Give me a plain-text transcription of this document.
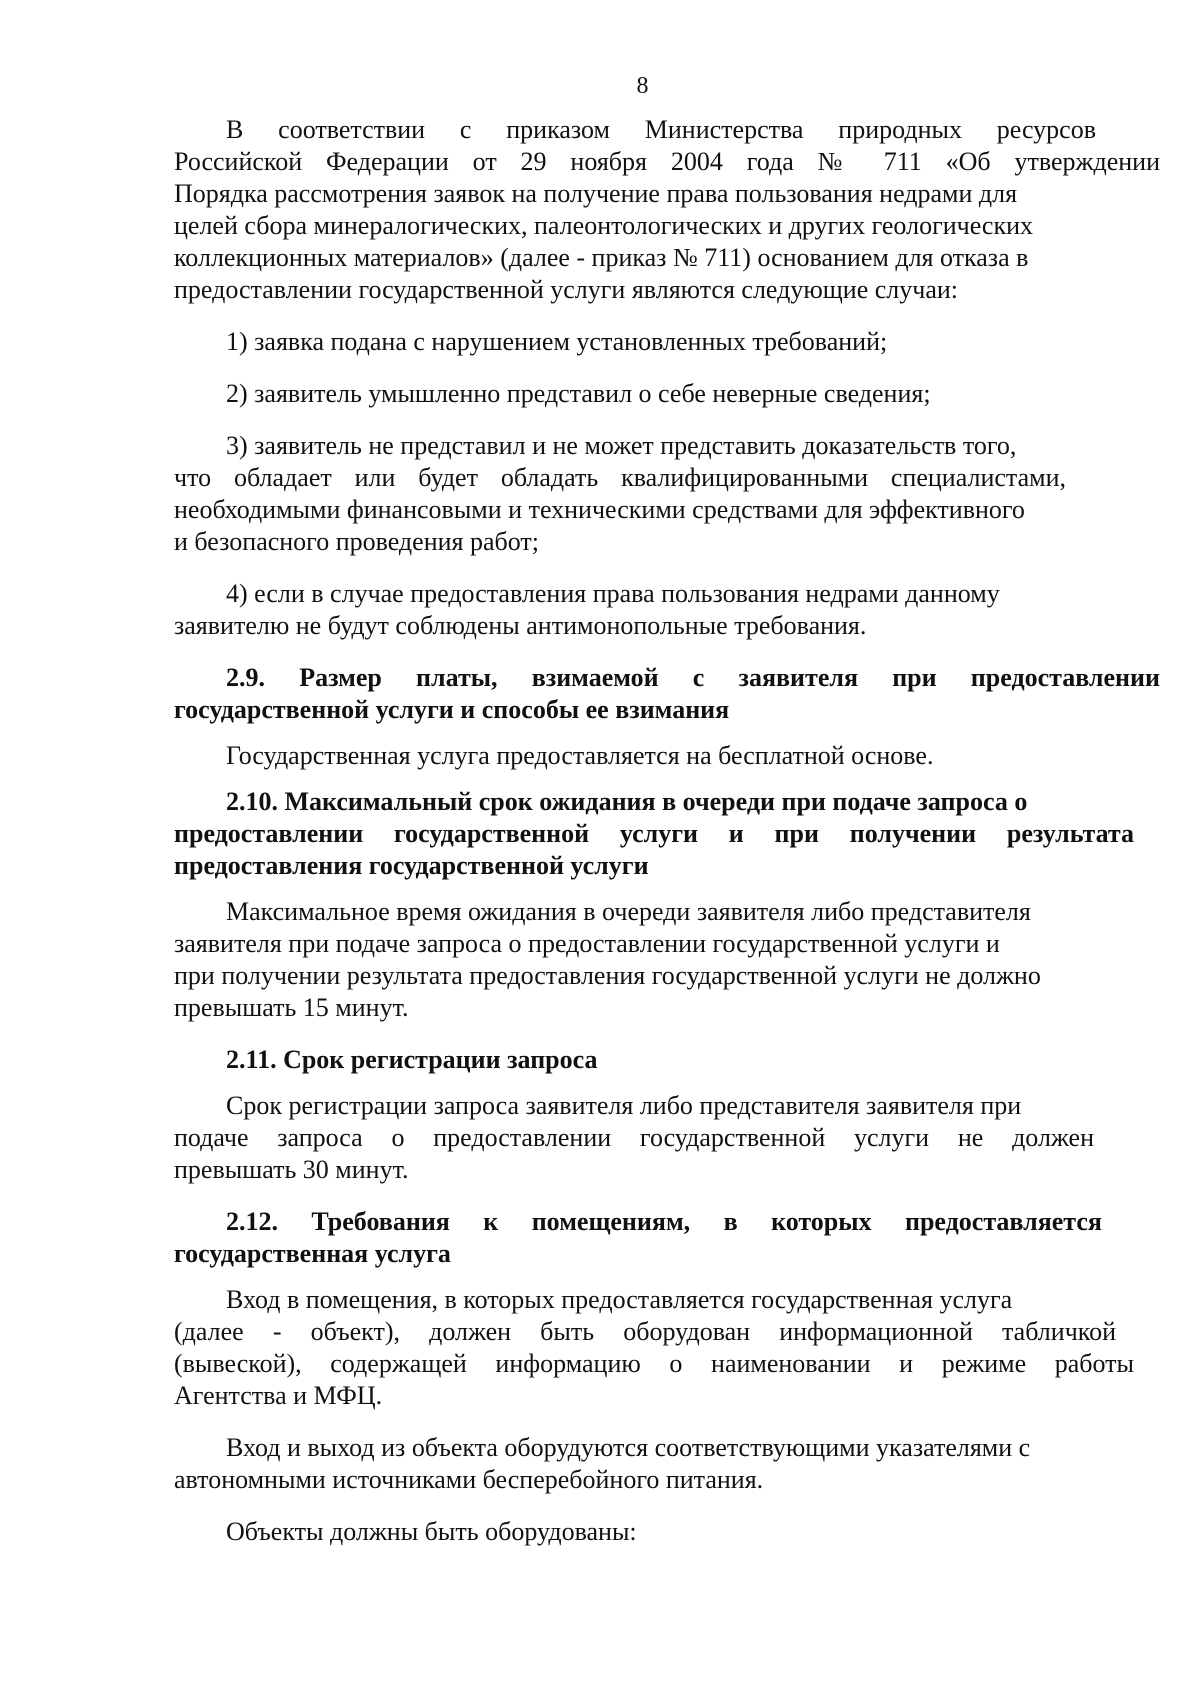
8

В соответствии с приказом Министерства природных ресурсов
Российской Федерации от 29 ноября 2004 года № 711 «Об утверждении
Порядка рассмотрения заявок на получение права пользования недрами для
целей сбора минералогических, палеонтологических и других геологических
коллекционных материалов» (далее - приказ № 711) основанием для отказа в
предоставлении государственной услуги являются следующие случаи:

1) заявка подана с нарушением установленных требований;

2) заявитель умышленно представил о себе неверные сведения;

3) заявитель не представил и не может представить доказательств того,
что обладает или будет обладать квалифицированными специалистами,
необходимыми финансовыми и техническими средствами для эффективного
и безопасного проведения работ;

4) если в случае предоставления права пользования недрами данному
заявителю не будут соблюдены антимонопольные требования.

2.9. Размер платы, взимаемой с заявителя при предоставлении
государственной услуги и способы ее взимания

Государственная услуга предоставляется на бесплатной основе.

2.10. Максимальный срок ожидания в очереди при подаче запроса о
предоставлении государственной услуги и при получении результата
предоставления государственной услуги

Максимальное время ожидания в очереди заявителя либо представителя
заявителя при подаче запроса о предоставлении государственной услуги и
при получении результата предоставления государственной услуги не должно
превышать 15 минут.

2.11. Срок регистрации запроса

Срок регистрации запроса заявителя либо представителя заявителя при
подаче запроса о предоставлении государственной услуги не должен
превышать 30 минут.

2.12. Требования к помещениям, в которых предоставляется
государственная услуга

Вход в помещения, в которых предоставляется государственная услуга
(далее - объект), должен быть оборудован информационной табличкой
(вывеской), содержащей информацию о наименовании и режиме работы
Агентства и МФЦ.

Вход и выход из объекта оборудуются соответствующими указателями с
автономными источниками бесперебойного питания.

Объекты должны быть оборудованы:
